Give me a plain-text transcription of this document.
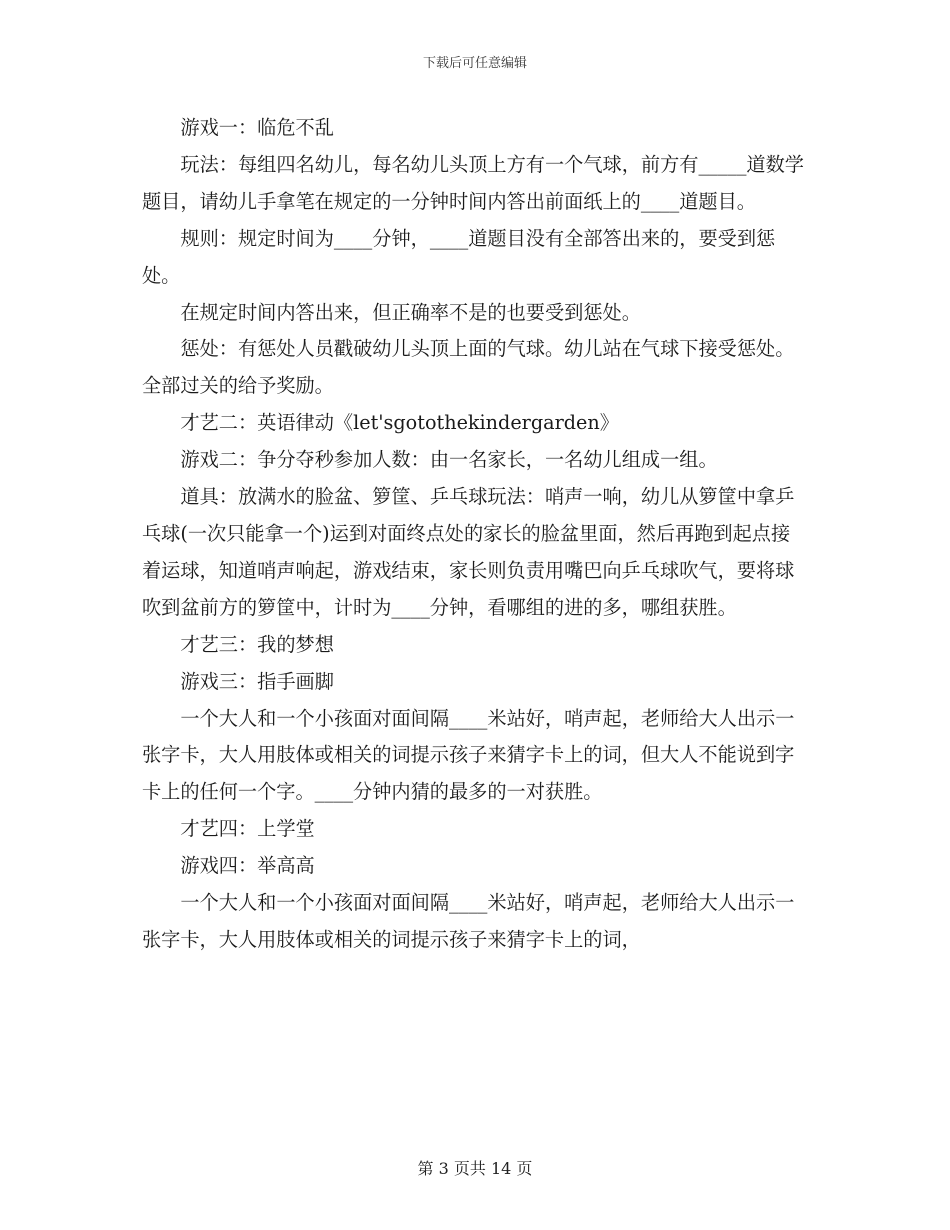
下载后可任意编辑

游戏一：临危不乱

玩法：每组四名幼儿，每名幼儿头顶上方有一个气球，前方有_____道数学题目，请幼儿手拿笔在规定的一分钟时间内答出前面纸上的____道题目。

规则：规定时间为____分钟，____道题目没有全部答出来的，要受到惩处。

在规定时间内答出来，但正确率不是的也要受到惩处。

惩处：有惩处人员戳破幼儿头顶上面的气球。幼儿站在气球下接受惩处。全部过关的给予奖励。

才艺二：英语律动《let'sgotothekindergarden》

游戏二：争分夺秒参加人数：由一名家长，一名幼儿组成一组。

道具：放满水的脸盆、箩筐、乒乓球玩法：哨声一响，幼儿从箩筐中拿乒乓球(一次只能拿一个)运到对面终点处的家长的脸盆里面，然后再跑到起点接着运球，知道哨声响起，游戏结束，家长则负责用嘴巴向乒乓球吹气，要将球吹到盆前方的箩筐中，计时为____分钟，看哪组的进的多，哪组获胜。

才艺三：我的梦想

游戏三：指手画脚

一个大人和一个小孩面对面间隔____米站好，哨声起，老师给大人出示一张字卡，大人用肢体或相关的词提示孩子来猜字卡上的词，但大人不能说到字卡上的任何一个字。____分钟内猜的最多的一对获胜。

才艺四：上学堂

游戏四：举高高

一个大人和一个小孩面对面间隔____米站好，哨声起，老师给大人出示一张字卡，大人用肢体或相关的词提示孩子来猜字卡上的词，

第 3 页共 14 页
